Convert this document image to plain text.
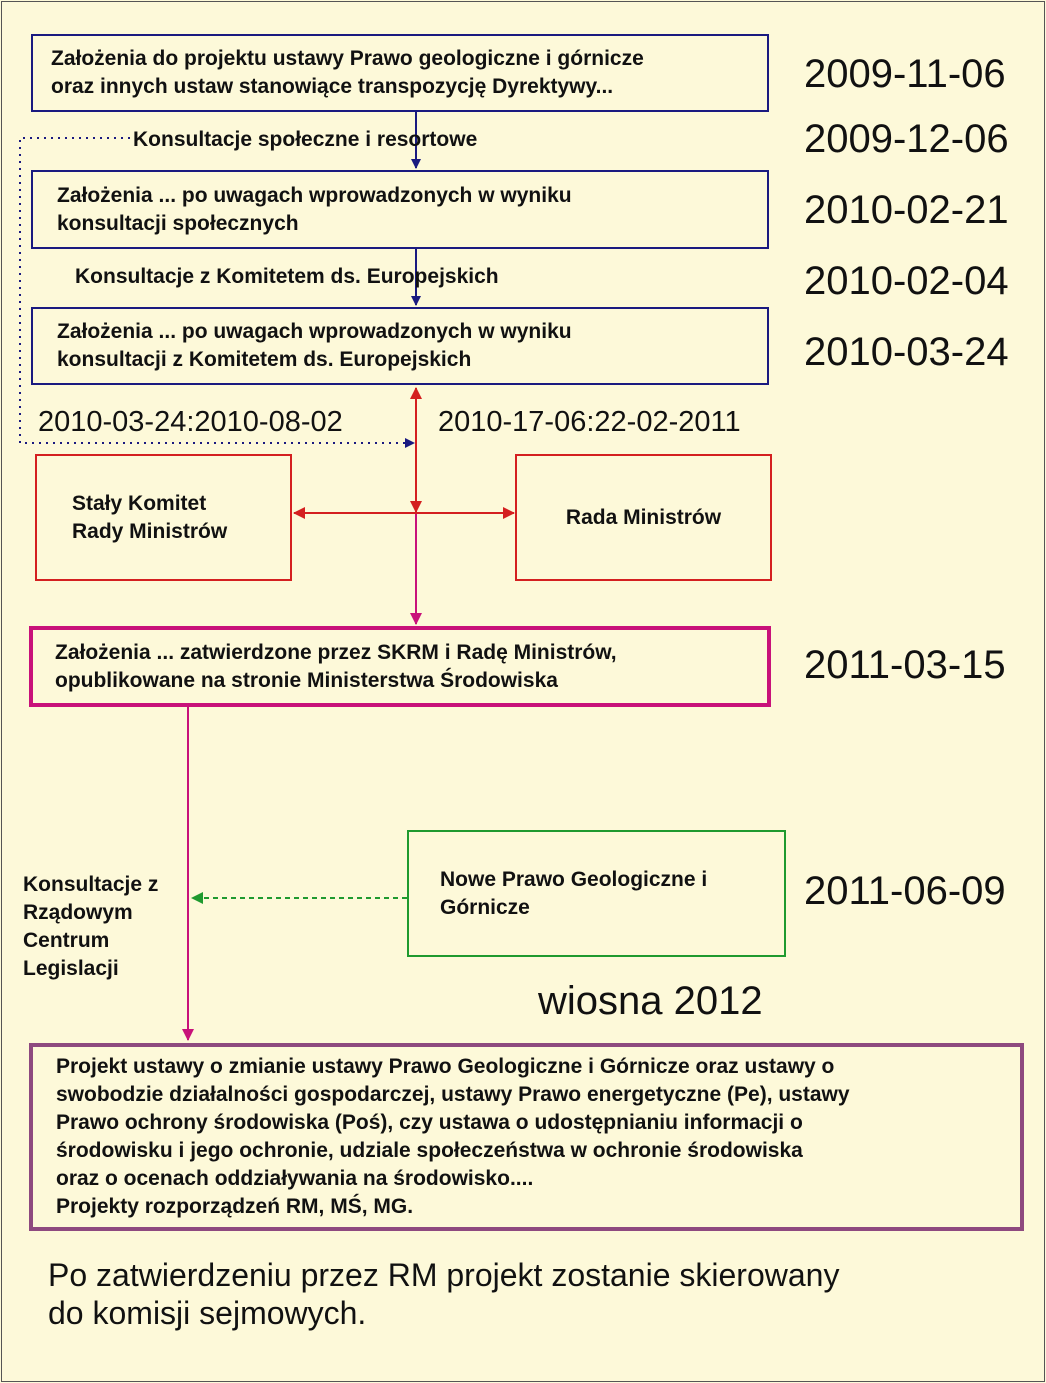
Założenia do projektu ustawy Prawo geologiczne i górnicze
oraz innych ustaw stanowiące transpozycję Dyrektywy...
Założenia ... po uwagach wprowadzonych w wyniku
konsultacji społecznych
Założenia ... po uwagach wprowadzonych w wyniku
konsultacji z Komitetem ds. Europejskich
Stały Komitet
Rady Ministrów
Rada Ministrów
Założenia ... zatwierdzone przez SKRM i Radę Ministrów,
opublikowane na stronie Ministerstwa Środowiska
Nowe Prawo Geologiczne i
Górnicze
Projekt ustawy o zmianie ustawy Prawo Geologiczne i Górnicze oraz ustawy o
swobodzie działalności gospodarczej, ustawy Prawo energetyczne (Pe), ustawy
Prawo ochrony środowiska (Poś), czy ustawa o udostępnianiu informacji o
środowisku i jego ochronie, udziale społeczeństwa w ochronie środowiska
oraz o ocenach oddziaływania na środowisko....
Projekty rozporządzeń RM, MŚ, MG.
Konsultacje społeczne i resortowe
Konsultacje z Komitetem ds. Europejskich
2010-03-24:2010-08-02	2010-17-06:22-02-2011
Konsultacje z
Rządowym
Centrum
Legislacji
wiosna 2012
2009-11-06
2009-12-06
2010-02-21
2010-02-04
2010-03-24
2011-03-15
2011-06-09
Po zatwierdzeniu przez RM projekt zostanie skierowany
do komisji sejmowych.
